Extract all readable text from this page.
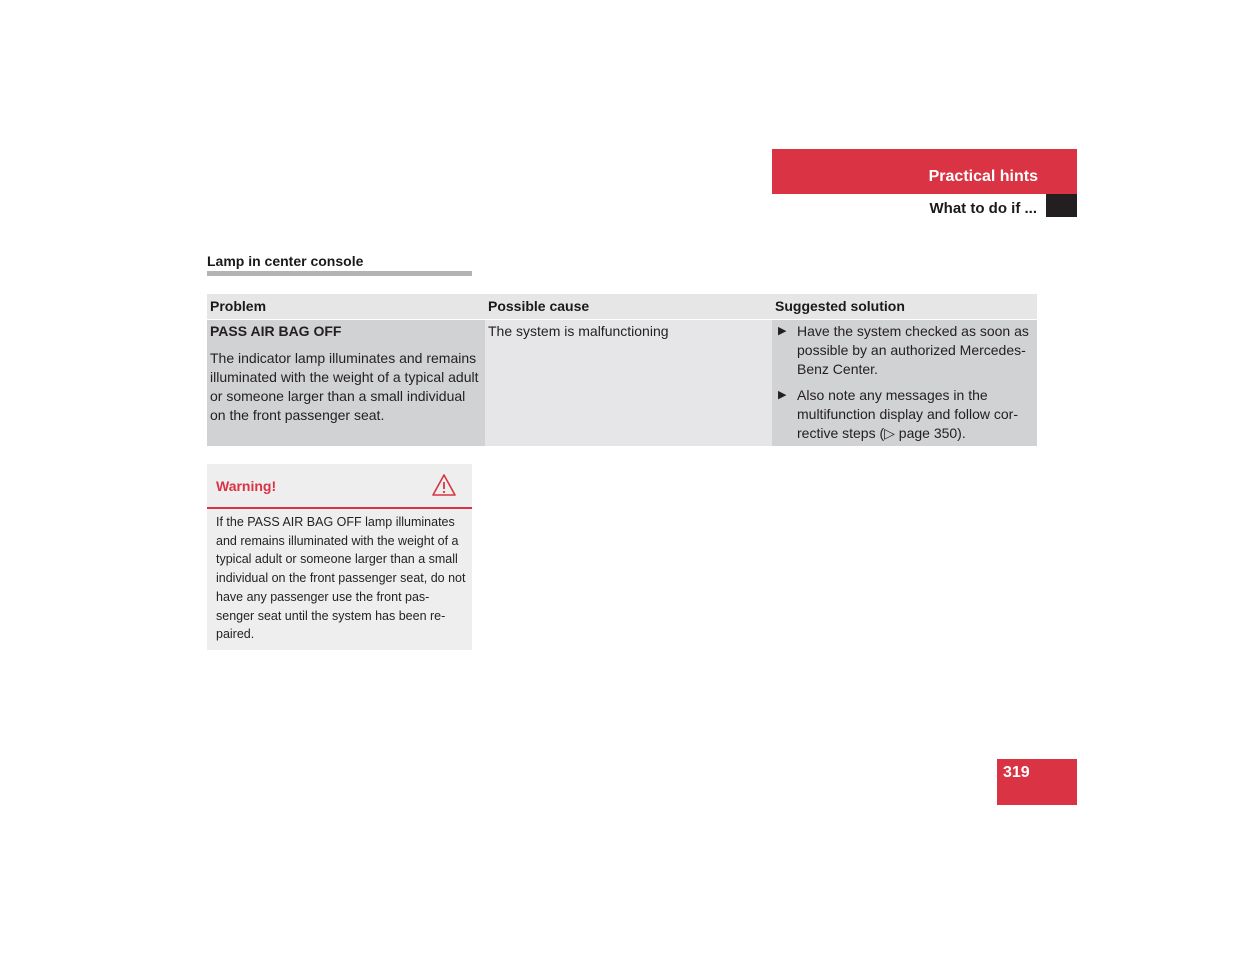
Practical hints
What to do if ...
Lamp in center console
Problem	Possible cause	Suggested solution
PASS AIR BAG OFF
The indicator lamp illuminates and remains illuminated with the weight of a typical adult or someone larger than a small individual on the front passenger seat.
The system is malfunctioning	▶ Have the system checked as soon as possible by an authorized Mercedes-Benz Center.
▶ Also note any messages in the multifunction display and follow cor-rective steps (▷ page 350).
Warning!
If the PASS AIR BAG OFF lamp illuminates and remains illuminated with the weight of a typical adult or someone larger than a small individual on the front passenger seat, do not have any passenger use the front pas-senger seat until the system has been re-paired.
319
